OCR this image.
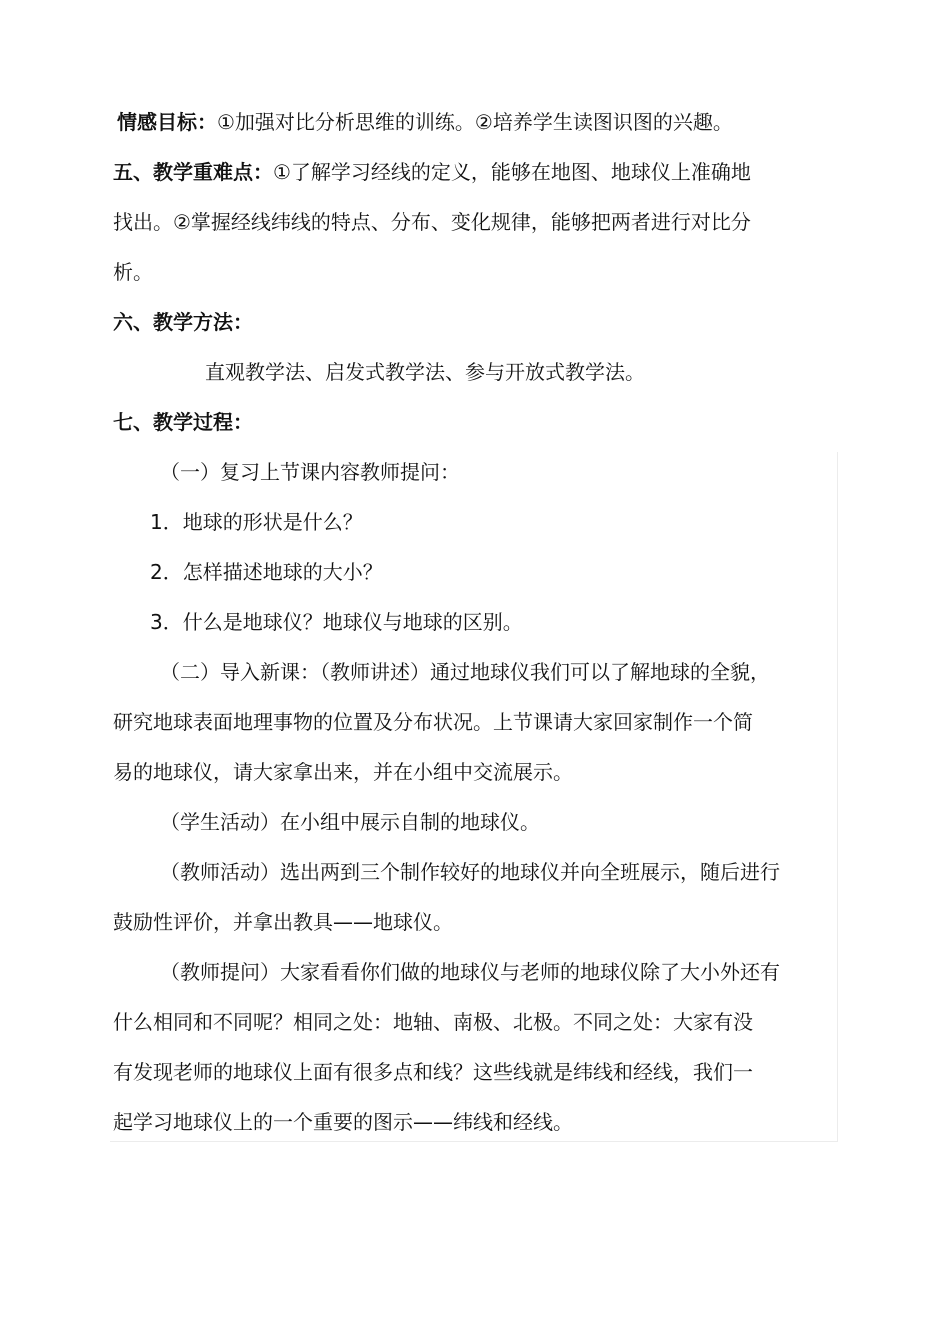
情感目标：①加强对比分析思维的训练。②培养学生读图识图的兴趣。
五、教学重难点：①了解学习经线的定义，能够在地图、地球仪上准确地
找出。②掌握经线纬线的特点、分布、变化规律，能够把两者进行对比分
析。
六、教学方法：
直观教学法、启发式教学法、参与开放式教学法。
七、教学过程：
（一）复习上节课内容教师提问：
1．地球的形状是什么？
2．怎样描述地球的大小？
3．什么是地球仪？地球仪与地球的区别。
（二）导入新课：（教师讲述）通过地球仪我们可以了解地球的全貌，
研究地球表面地理事物的位置及分布状况。上节课请大家回家制作一个简
易的地球仪，请大家拿出来，并在小组中交流展示。
（学生活动）在小组中展示自制的地球仪。
（教师活动）选出两到三个制作较好的地球仪并向全班展示，随后进行
鼓励性评价，并拿出教具——地球仪。
（教师提问）大家看看你们做的地球仪与老师的地球仪除了大小外还有
什么相同和不同呢？相同之处：地轴、南极、北极。不同之处：大家有没
有发现老师的地球仪上面有很多点和线？这些线就是纬线和经线，我们一
起学习地球仪上的一个重要的图示——纬线和经线。
